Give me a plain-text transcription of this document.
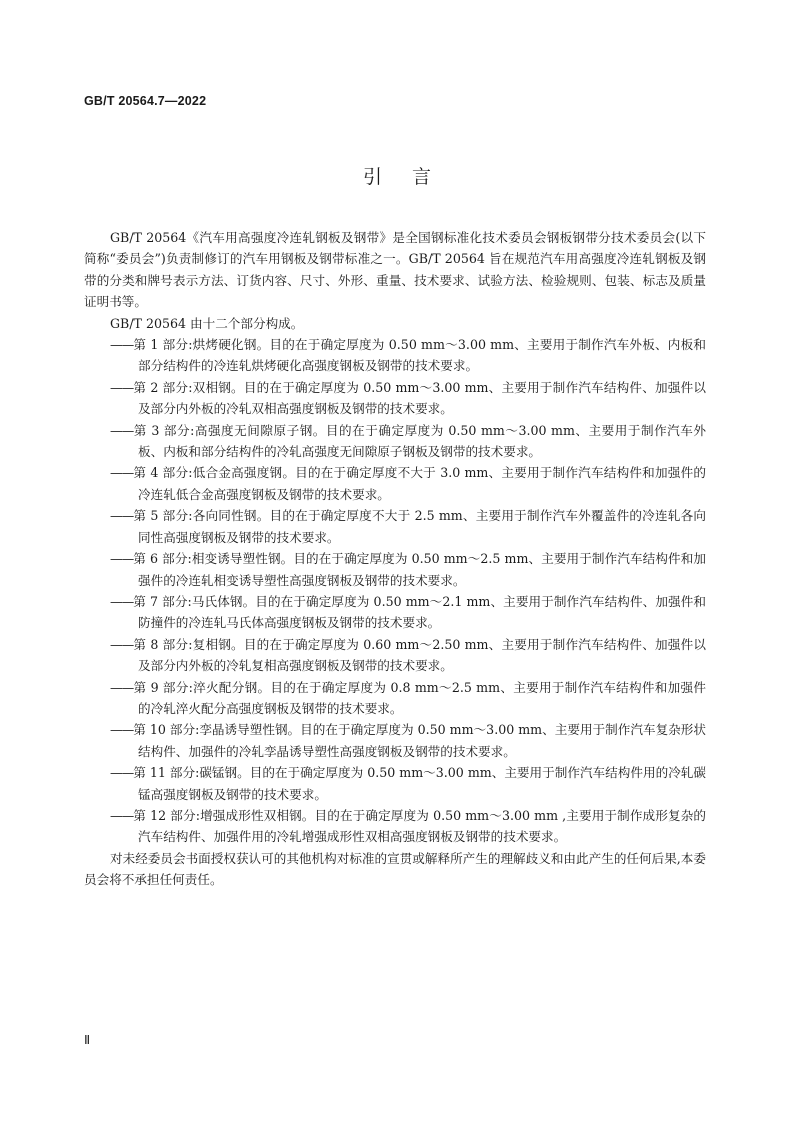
GB/T 20564.7—2022
引言

GB/T 20564《汽车用高强度冷连轧钢板及钢带》是全国钢标准化技术委员会钢板钢带分技术委员会(以下简称“委员会”)负责制修订的汽车用钢板及钢带标准之一。GB/T 20564 旨在规范汽车用高强度冷连轧钢板及钢带的分类和牌号表示方法、订货内容、尺寸、外形、重量、技术要求、试验方法、检验规则、包装、标志及质量证明书等。

GB/T 20564 由十二个部分构成。

——第 1 部分:烘烤硬化钢。目的在于确定厚度为 0.50 mm～3.00 mm、主要用于制作汽车外板、内板和部分结构件的冷连轧烘烤硬化高强度钢板及钢带的技术要求。

——第 2 部分:双相钢。目的在于确定厚度为 0.50 mm～3.00 mm、主要用于制作汽车结构件、加强件以及部分内外板的冷轧双相高强度钢板及钢带的技术要求。

——第 3 部分:高强度无间隙原子钢。目的在于确定厚度为 0.50 mm～3.00 mm、主要用于制作汽车外板、内板和部分结构件的冷轧高强度无间隙原子钢板及钢带的技术要求。

——第 4 部分:低合金高强度钢。目的在于确定厚度不大于 3.0 mm、主要用于制作汽车结构件和加强件的冷连轧低合金高强度钢板及钢带的技术要求。

——第 5 部分:各向同性钢。目的在于确定厚度不大于 2.5 mm、主要用于制作汽车外覆盖件的冷连轧各向同性高强度钢板及钢带的技术要求。

——第 6 部分:相变诱导塑性钢。目的在于确定厚度为 0.50 mm～2.5 mm、主要用于制作汽车结构件和加强件的冷连轧相变诱导塑性高强度钢板及钢带的技术要求。

——第 7 部分:马氏体钢。目的在于确定厚度为 0.50 mm～2.1 mm、主要用于制作汽车结构件、加强件和防撞件的冷连轧马氏体高强度钢板及钢带的技术要求。

——第 8 部分:复相钢。目的在于确定厚度为 0.60 mm～2.50 mm、主要用于制作汽车结构件、加强件以及部分内外板的冷轧复相高强度钢板及钢带的技术要求。

——第 9 部分:淬火配分钢。目的在于确定厚度为 0.8 mm～2.5 mm、主要用于制作汽车结构件和加强件的冷轧淬火配分高强度钢板及钢带的技术要求。

——第 10 部分:孪晶诱导塑性钢。目的在于确定厚度为 0.50 mm～3.00 mm、主要用于制作汽车复杂形状结构件、加强件的冷轧孪晶诱导塑性高强度钢板及钢带的技术要求。

——第 11 部分:碳锰钢。目的在于确定厚度为 0.50 mm～3.00 mm、主要用于制作汽车结构件用的冷轧碳锰高强度钢板及钢带的技术要求。

——第 12 部分:增强成形性双相钢。目的在于确定厚度为 0.50 mm～3.00 mm ,主要用于制作成形复杂的汽车结构件、加强件用的冷轧增强成形性双相高强度钢板及钢带的技术要求。

对未经委员会书面授权获认可的其他机构对标准的宣贯或解释所产生的理解歧义和由此产生的任何后果,本委员会将不承担任何责任。

Ⅱ
